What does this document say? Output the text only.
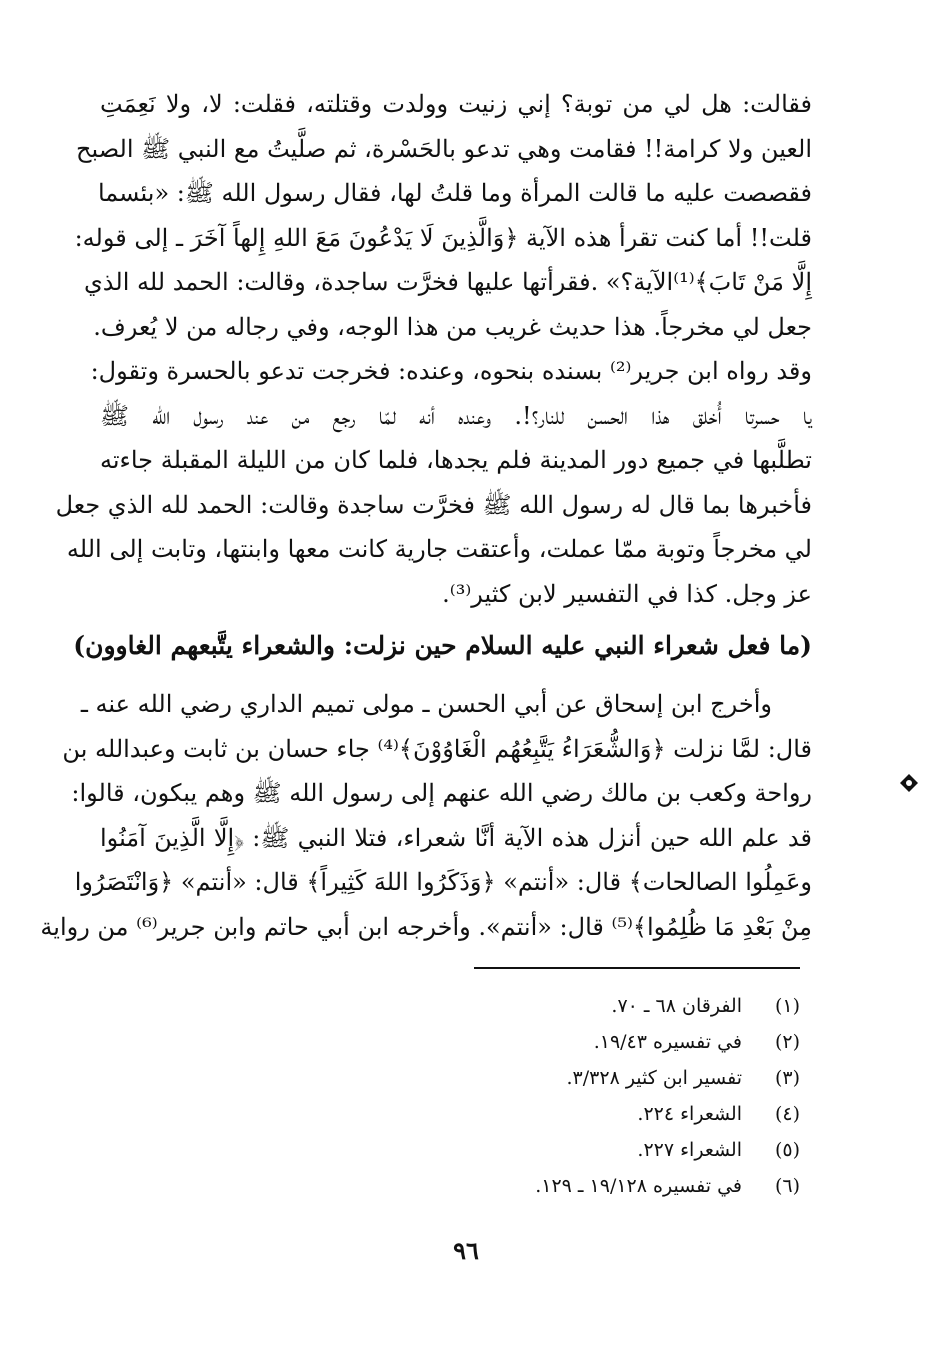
فقالت: هل لي من توبة؟ إني زنيت وولدت وقتلته، فقلت: لا، ولا نَعِمَتِ
العين ولا كرامة!! فقامت وهي تدعو بالحَسْرة، ثم صلَّيتُ مع النبي ﷺ الصبح
فقصصت عليه ما قالت المرأة وما قلتُ لها، فقال رسول الله ﷺ: «بئسما
قلت!! أما كنت تقرأ هذه الآية ﴿وَالَّذِينَ لَا يَدْعُونَ مَعَ اللهِ إِلهاً آخَرَ ـ إلى قوله:
إِلَّا مَنْ تَابَ﴾⁽¹⁾الآية؟» .فقرأتها عليها فخرَّت ساجدة، وقالت: الحمد لله الذي
جعل لي مخرجاً. هذا حديث غريب من هذا الوجه، وفي رجاله من لا يُعرف.
وقد رواه ابن جرير⁽²⁾ بسنده بنحوه، وعنده: فخرجت تدعو بالحسرة وتقول:
يا حسرتا أُخلق هذا الحسن للنار؟!. وعنده أنه لمّا رجع من عند رسول الله ﷺ
تطلَّبها في جميع دور المدينة فلم يجدها، فلما كان من الليلة المقبلة جاءته
فأخبرها بما قال له رسول الله ﷺ فخرَّت ساجدة وقالت: الحمد لله الذي جعل
لي مخرجاً وتوبة ممّا عملت، وأعتقت جارية كانت معها وابنتها، وتابت إلى الله
عز وجل. كذا في التفسير لابن كثير⁽³⁾.
(ما فعل شعراء النبي عليه السلام حين نزلت: والشعراء يتَّبعهم الغاوون)
وأخرج ابن إسحاق عن أبي الحسن ـ مولى تميم الداري رضي الله عنه ـ
قال: لمَّا نزلت ﴿وَالشُّعَرَاءُ يَتَّبِعُهُم الْغَاوُوْنَ﴾⁽⁴⁾ جاء حسان بن ثابت وعبدالله بن
رواحة وكعب بن مالك رضي الله عنهم إلى رسول الله ﷺ وهم يبكون، قالوا:
قد علم الله حين أنزل هذه الآية أنَّا شعراء، فتلا النبي ﷺ: ﴿إِلَّا الَّذِينَ آمَنُوا
وعَمِلُوا الصالحات﴾ قال: «أنتم» ﴿وَذَكَرُوا اللهَ كَثِيراً﴾ قال: «أنتم» ﴿وَانْتَصَرُوا
مِنْ بَعْدِ مَا ظُلِمُوا﴾⁽⁵⁾ قال: «أنتم». وأخرجه ابن أبي حاتم وابن جرير⁽⁶⁾ من رواية
(١)
الفرقان ٦٨ ـ ٧٠.
(٢)
في تفسيره ١٩/٤٣.
(٣)
تفسير ابن كثير ٣/٣٢٨.
(٤)
الشعراء ٢٢٤.
(٥)
الشعراء ٢٢٧.
(٦)
في تفسيره ١٩/١٢٨ ـ ١٢٩.
٩٦
